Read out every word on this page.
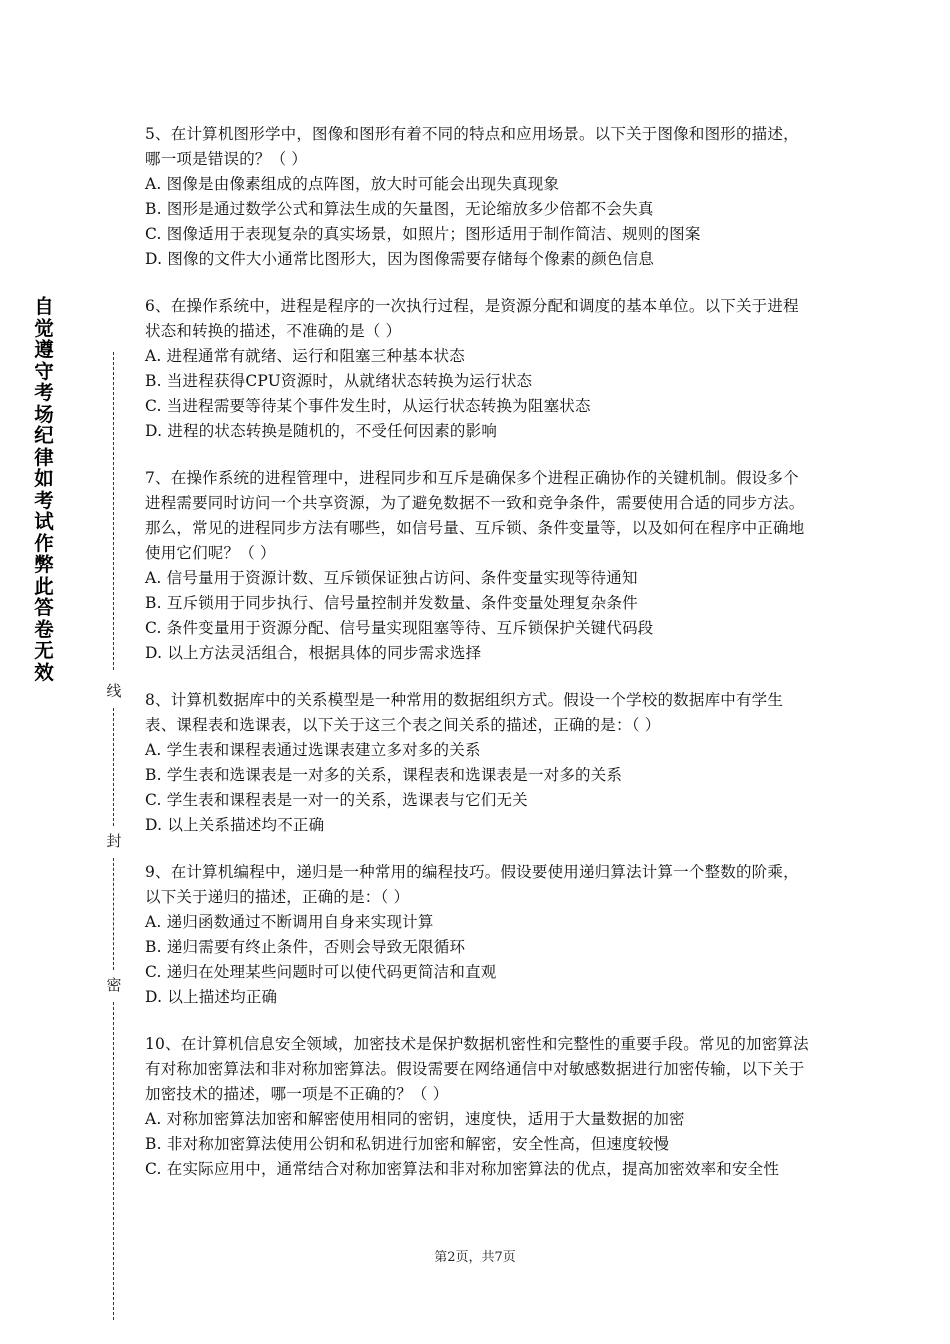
自觉遵守考场纪律如考试作弊此答卷无效
线
封
密

5、在计算机图形学中，图像和图形有着不同的特点和应用场景。以下关于图像和图形的描述，哪一项是错误的？（ ）

A. 图像是由像素组成的点阵图，放大时可能会出现失真现象

B. 图形是通过数学公式和算法生成的矢量图，无论缩放多少倍都不会失真

C. 图像适用于表现复杂的真实场景，如照片；图形适用于制作简洁、规则的图案

D. 图像的文件大小通常比图形大，因为图像需要存储每个像素的颜色信息

6、在操作系统中，进程是程序的一次执行过程，是资源分配和调度的基本单位。以下关于进程状态和转换的描述，不准确的是（ ）

A. 进程通常有就绪、运行和阻塞三种基本状态

B. 当进程获得CPU资源时，从就绪状态转换为运行状态

C. 当进程需要等待某个事件发生时，从运行状态转换为阻塞状态

D. 进程的状态转换是随机的，不受任何因素的影响

7、在操作系统的进程管理中，进程同步和互斥是确保多个进程正确协作的关键机制。假设多个进程需要同时访问一个共享资源，为了避免数据不一致和竞争条件，需要使用合适的同步方法。那么，常见的进程同步方法有哪些，如信号量、互斥锁、条件变量等，以及如何在程序中正确地使用它们呢？（ ）

A. 信号量用于资源计数、互斥锁保证独占访问、条件变量实现等待通知

B. 互斥锁用于同步执行、信号量控制并发数量、条件变量处理复杂条件

C. 条件变量用于资源分配、信号量实现阻塞等待、互斥锁保护关键代码段

D. 以上方法灵活组合，根据具体的同步需求选择

8、计算机数据库中的关系模型是一种常用的数据组织方式。假设一个学校的数据库中有学生表、课程表和选课表，以下关于这三个表之间关系的描述，正确的是：（ ）

A. 学生表和课程表通过选课表建立多对多的关系

B. 学生表和选课表是一对多的关系，课程表和选课表是一对多的关系

C. 学生表和课程表是一对一的关系，选课表与它们无关

D. 以上关系描述均不正确

9、在计算机编程中，递归是一种常用的编程技巧。假设要使用递归算法计算一个整数的阶乘，以下关于递归的描述，正确的是：（ ）

A. 递归函数通过不断调用自身来实现计算

B. 递归需要有终止条件，否则会导致无限循环

C. 递归在处理某些问题时可以使代码更简洁和直观

D. 以上描述均正确

10、在计算机信息安全领域，加密技术是保护数据机密性和完整性的重要手段。常见的加密算法有对称加密算法和非对称加密算法。假设需要在网络通信中对敏感数据进行加密传输，以下关于加密技术的描述，哪一项是不正确的？（ ）

A. 对称加密算法加密和解密使用相同的密钥，速度快，适用于大量数据的加密

B. 非对称加密算法使用公钥和私钥进行加密和解密，安全性高，但速度较慢

C. 在实际应用中，通常结合对称加密算法和非对称加密算法的优点，提高加密效率和安全性

第2页，共7页
